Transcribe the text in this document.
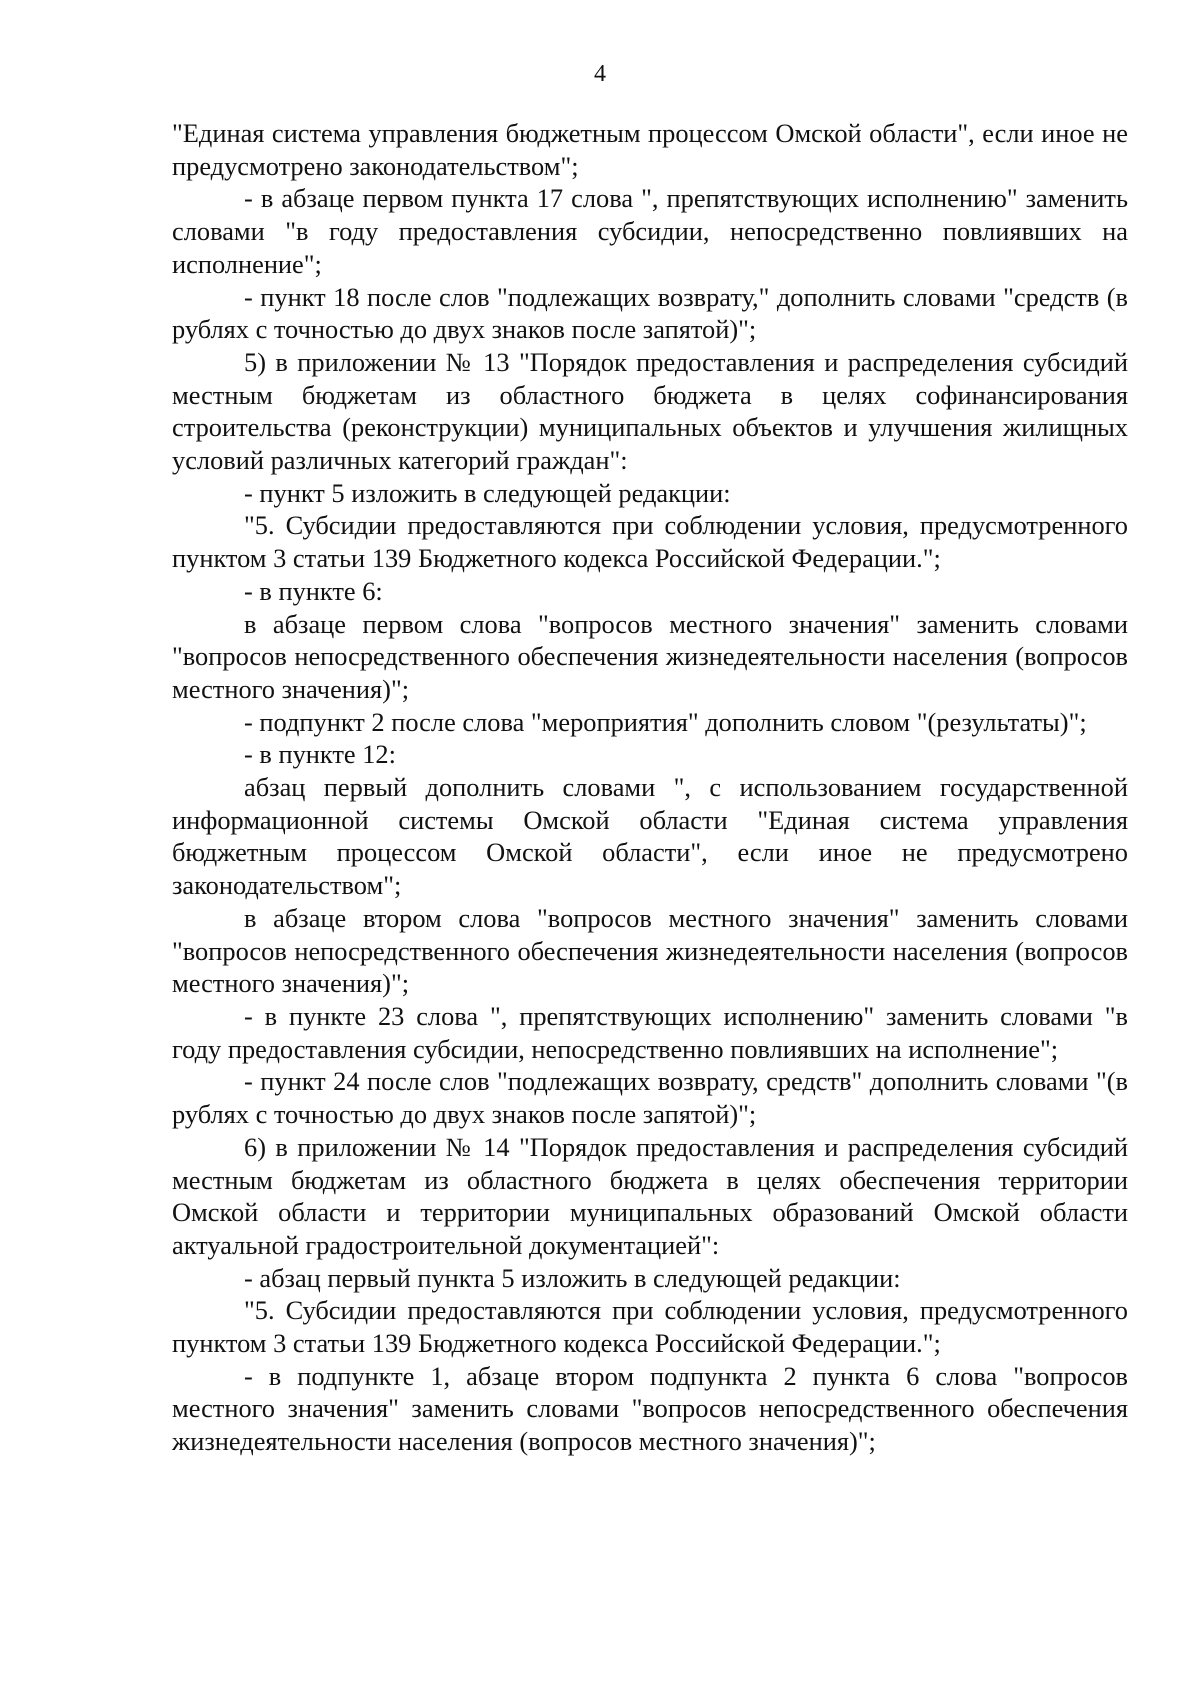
4

"Единая система управления бюджетным процессом Омской области", если иное не предусмотрено законодательством";

- в абзаце первом пункта 17 слова ", препятствующих исполнению" заменить словами "в году предоставления субсидии, непосредственно повлиявших на исполнение";

- пункт 18 после слов "подлежащих возврату," дополнить словами "средств (в рублях с точностью до двух знаков после запятой)";

5) в приложении № 13 "Порядок предоставления и распределения субсидий местным бюджетам из областного бюджета в целях софинансирования строительства (реконструкции) муниципальных объектов и улучшения жилищных условий различных категорий граждан":

- пункт 5 изложить в следующей редакции:

"5. Субсидии предоставляются при соблюдении условия, предусмотренного пунктом 3 статьи 139 Бюджетного кодекса Российской Федерации.";

- в пункте 6:

в абзаце первом слова "вопросов местного значения" заменить словами "вопросов непосредственного обеспечения жизнедеятельности населения (вопросов местного значения)";

- подпункт 2 после слова "мероприятия" дополнить словом "(результаты)";

- в пункте 12:

абзац первый дополнить словами ", с использованием государственной информационной системы Омской области "Единая система управления бюджетным процессом Омской области", если иное не предусмотрено законодательством";

в абзаце втором слова "вопросов местного значения" заменить словами "вопросов непосредственного обеспечения жизнедеятельности населения (вопросов местного значения)";

- в пункте 23 слова ", препятствующих исполнению" заменить словами "в году предоставления субсидии, непосредственно повлиявших на исполнение";

- пункт 24 после слов "подлежащих возврату, средств" дополнить словами "(в рублях с точностью до двух знаков после запятой)";

6) в приложении № 14 "Порядок предоставления и распределения субсидий местным бюджетам из областного бюджета в целях обеспечения территории Омской области и территории муниципальных образований Омской области актуальной градостроительной документацией":

- абзац первый пункта 5 изложить в следующей редакции:

"5. Субсидии предоставляются при соблюдении условия, предусмотренного пунктом 3 статьи 139 Бюджетного кодекса Российской Федерации.";

- в подпункте 1, абзаце втором подпункта 2 пункта 6 слова "вопросов местного значения" заменить словами "вопросов непосредственного обеспечения жизнедеятельности населения (вопросов местного значения)";
